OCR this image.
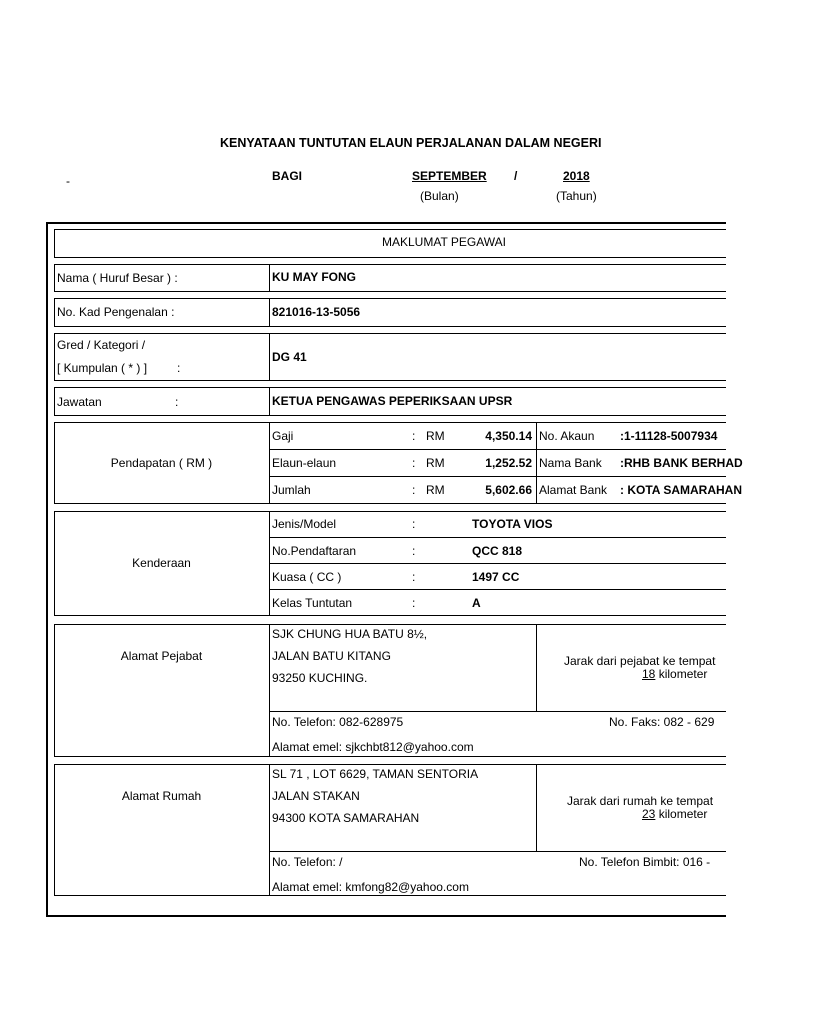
KENYATAAN TUNTUTAN ELAUN PERJALANAN DALAM NEGERI
-	BAGI	SEPTEMBER /	2018
(Bulan)	(Tahun)
MAKLUMAT PEGAWAI
Nama ( Huruf Besar ) :	KU MAY FONG
No. Kad Pengenalan :	821016-13-5056
Gred / Kategori /
[ Kumpulan ( * ) ] :
DG 41
Jawatan	:	KETUA PENGAWAS PEPERIKSAAN UPSR
Pendapatan ( RM )
Gaji	: RM	4,350.14 No. Akaun :1-11128-5007934
Elaun-elaun	: RM	1,252.52 Nama Bank :RHB BANK BERHAD
Jumlah	: RM	5,602.66 Alamat Bank : KOTA SAMARAHAN
Kenderaan
Jenis/Model	:	TOYOTA VIOS
No.Pendaftaran	:	QCC 818
Kuasa ( CC )	:	1497 CC
Kelas Tuntutan	:	A
Alamat Pejabat
SJK CHUNG HUA BATU 8½,
JALAN BATU KITANG
93250 KUCHING.
Jarak dari pejabat ke tempat
18 kilometer
No. Telefon: 082-628975	No. Faks: 082 - 629
Alamat emel: sjkchbt812@yahoo.com
Alamat Rumah
SL 71 , LOT 6629, TAMAN SENTORIA
JALAN STAKAN
94300 KOTA SAMARAHAN
Jarak dari rumah ke tempat
23 kilometer
No. Telefon: /	No. Telefon Bimbit: 016 -
Alamat emel: kmfong82@yahoo.com
